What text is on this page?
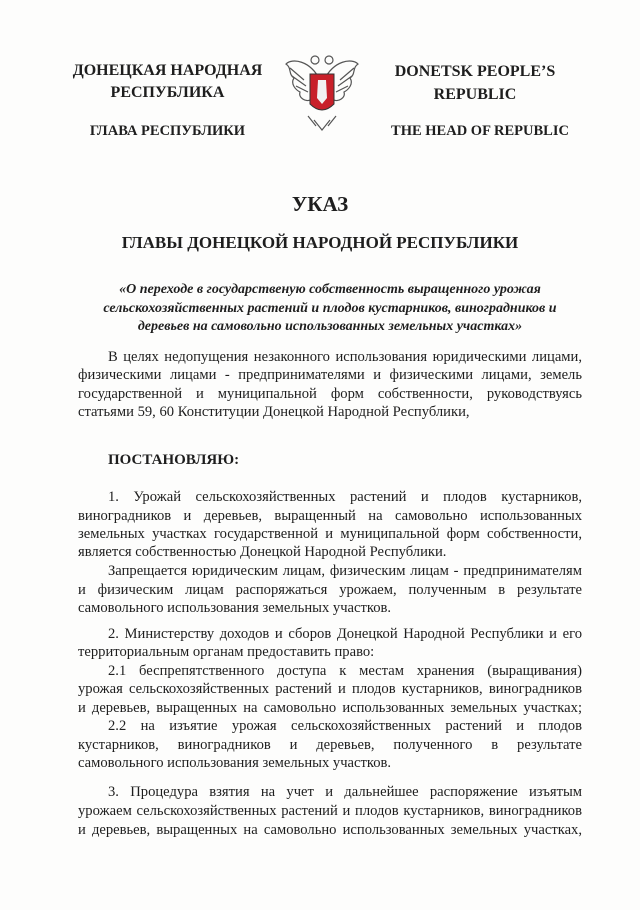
ДОНЕЦКАЯ НАРОДНАЯ
РЕСПУБЛИКА
ГЛАВА РЕСПУБЛИКИ
DONETSK PEOPLE’S
REPUBLIC
THE HEAD OF REPUBLIC
УКАЗ
ГЛАВЫ ДОНЕЦКОЙ НАРОДНОЙ РЕСПУБЛИКИ
«О переходе в государственую собственность выращенного урожая
сельскохозяйственных растений и плодов кустарников, виноградников и
деревьев на самовольно использованных земельных участках»
В целях недопущения незаконного использования юридическими лицами,
физическими лицами - предпринимателями и физическими лицами, земель
государственной и муниципальной форм собственности, руководствуясь
статьями 59, 60 Конституции Донецкой Народной Республики,
ПОСТАНОВЛЯЮ:
1. Урожай сельскохозяйственных растений и плодов кустарников,
виноградников и деревьев, выращенный на самовольно использованных
земельных участках государственной и муниципальной форм собственности,
является собственностью Донецкой Народной Республики.
Запрещается юридическим лицам, физическим лицам - предпринимателям
и физическим лицам распоряжаться урожаем, полученным в результате
самовольного использования земельных участков.
2. Министерству доходов и сборов Донецкой Народной Республики и его
территориальным органам предоставить право:
2.1 беспрепятственного доступа к местам хранения (выращивания)
урожая сельскохозяйственных растений и плодов кустарников, виноградников
и деревьев, выращенных на самовольно использованных земельных участках;
2.2 на изъятие урожая сельскохозяйственных растений и плодов
кустарников, виноградников и деревьев, полученного в результате
самовольного использования земельных участков.
3. Процедура взятия на учет и дальнейшее распоряжение изъятым
урожаем сельскохозяйственных растений и плодов кустарников, виноградников
и деревьев, выращенных на самовольно использованных земельных участках,
